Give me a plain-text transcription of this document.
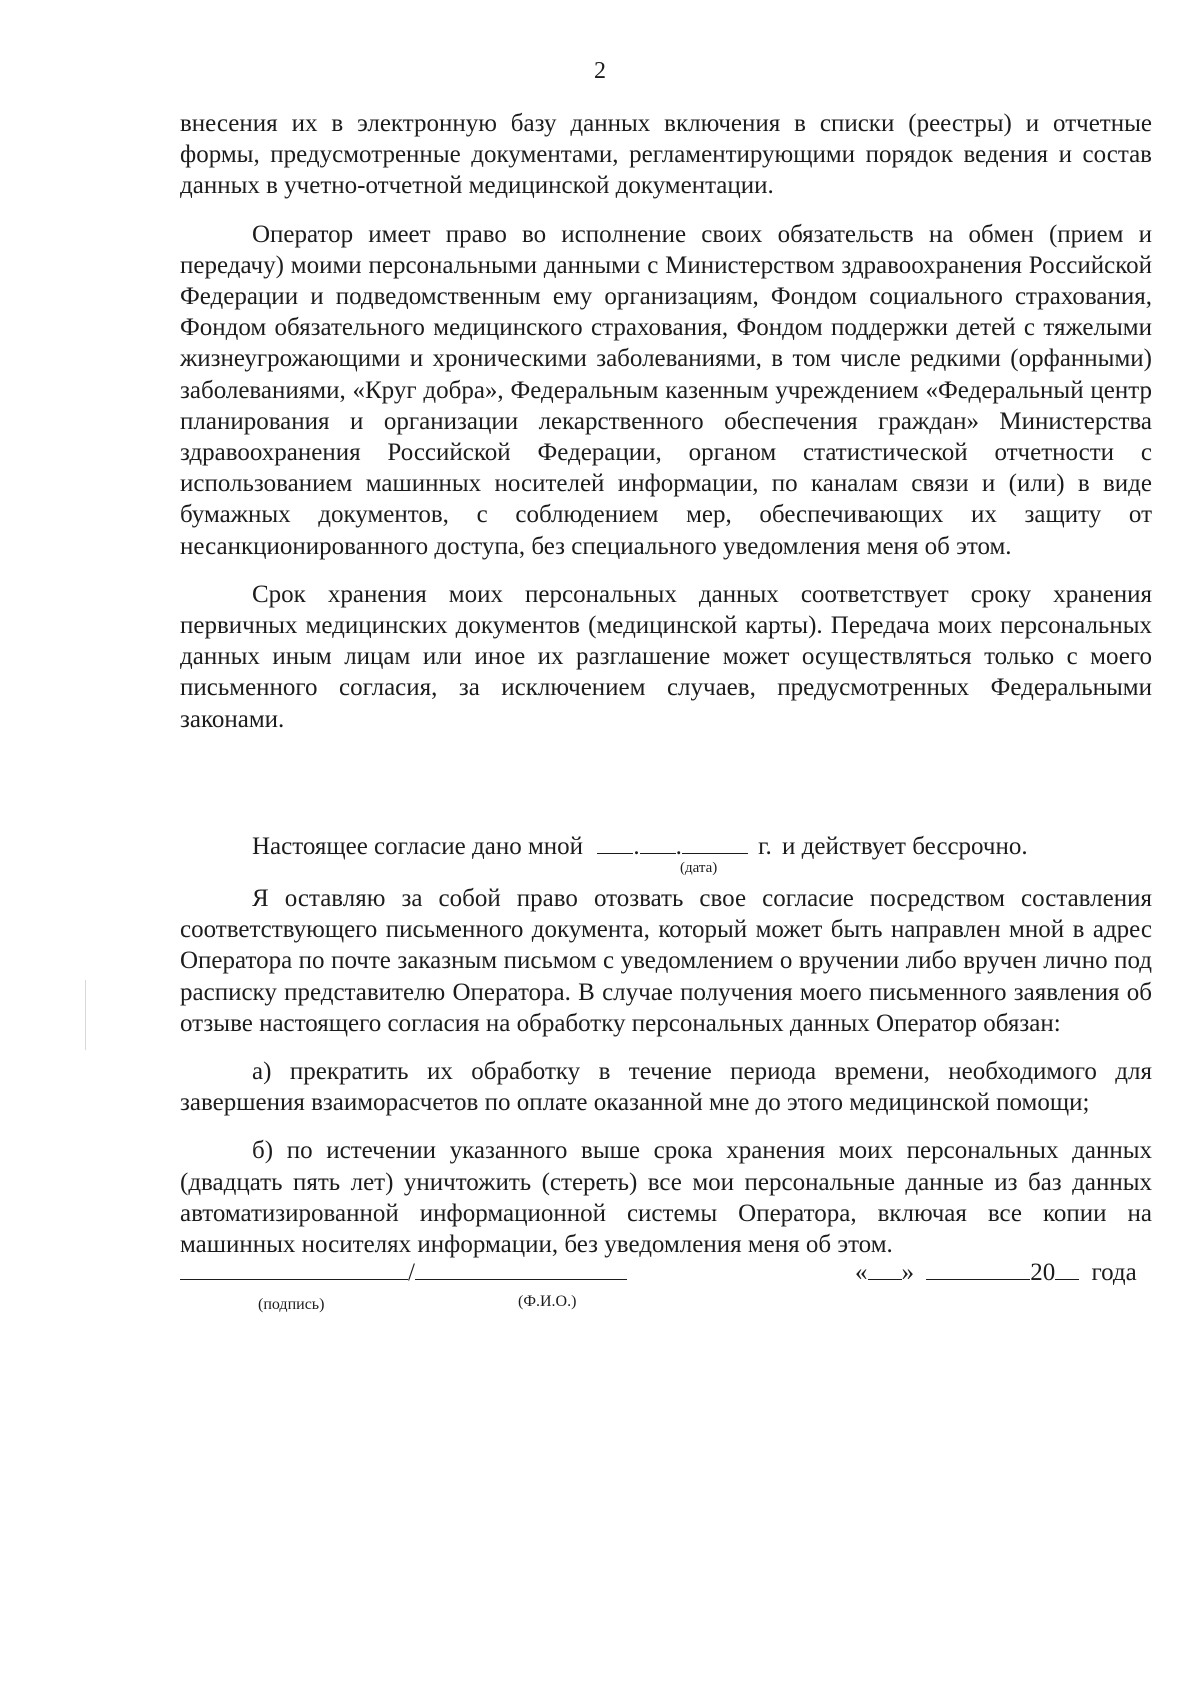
2

внесения их в электронную базу данных включения в списки (реестры) и отчетные формы, предусмотренные документами, регламентирующими порядок ведения и состав данных в учетно-отчетной медицинской документации.

Оператор имеет право во исполнение своих обязательств на обмен (прием и передачу) моими персональными данными с Министерством здравоохранения Российской Федерации и подведомственным ему организациям, Фондом социального страхования, Фондом обязательного медицинского страхования, Фондом поддержки детей с тяжелыми жизнеугрожающими и хроническими заболеваниями, в том числе редкими (орфанными) заболеваниями, «Круг добра», Федеральным казенным учреждением «Федеральный центр планирования и организации лекарственного обеспечения граждан» Министерства здравоохранения Российской Федерации, органом статистической отчетности с использованием машинных носителей информации, по каналам связи и (или) в виде бумажных документов, с соблюдением мер, обеспечивающих их защиту от несанкционированного доступа, без специального уведомления меня об этом.

Срок хранения моих персональных данных соответствует сроку хранения первичных медицинских документов (медицинской карты). Передача моих персональных данных иным лицам или иное их разглашение может осуществляться только с моего письменного согласия, за исключением случаев, предусмотренных Федеральными законами.

Настоящее согласие дано мной . .	г. и действует бессрочно.
(дата)

Я оставляю за собой право отозвать свое согласие посредством составления соответствующего письменного документа, который может быть направлен мной в адрес Оператора по почте заказным письмом с уведомлением о вручении либо вручен лично под расписку представителю Оператора. В случае получения моего письменного заявления об отзыве настоящего согласия на обработку персональных данных Оператор обязан:

а) прекратить их обработку в течение периода времени, необходимого для завершения взаиморасчетов по оплате оказанной мне до этого медицинской помощи;

б) по истечении указанного выше срока хранения моих персональных данных (двадцать пять лет) уничтожить (стереть) все мои персональные данные из баз данных автоматизированной информационной системы Оператора, включая все копии на машинных носителях информации, без уведомления меня об этом.

/
(подпись)	(Ф.И.О.)
« »	20 года
